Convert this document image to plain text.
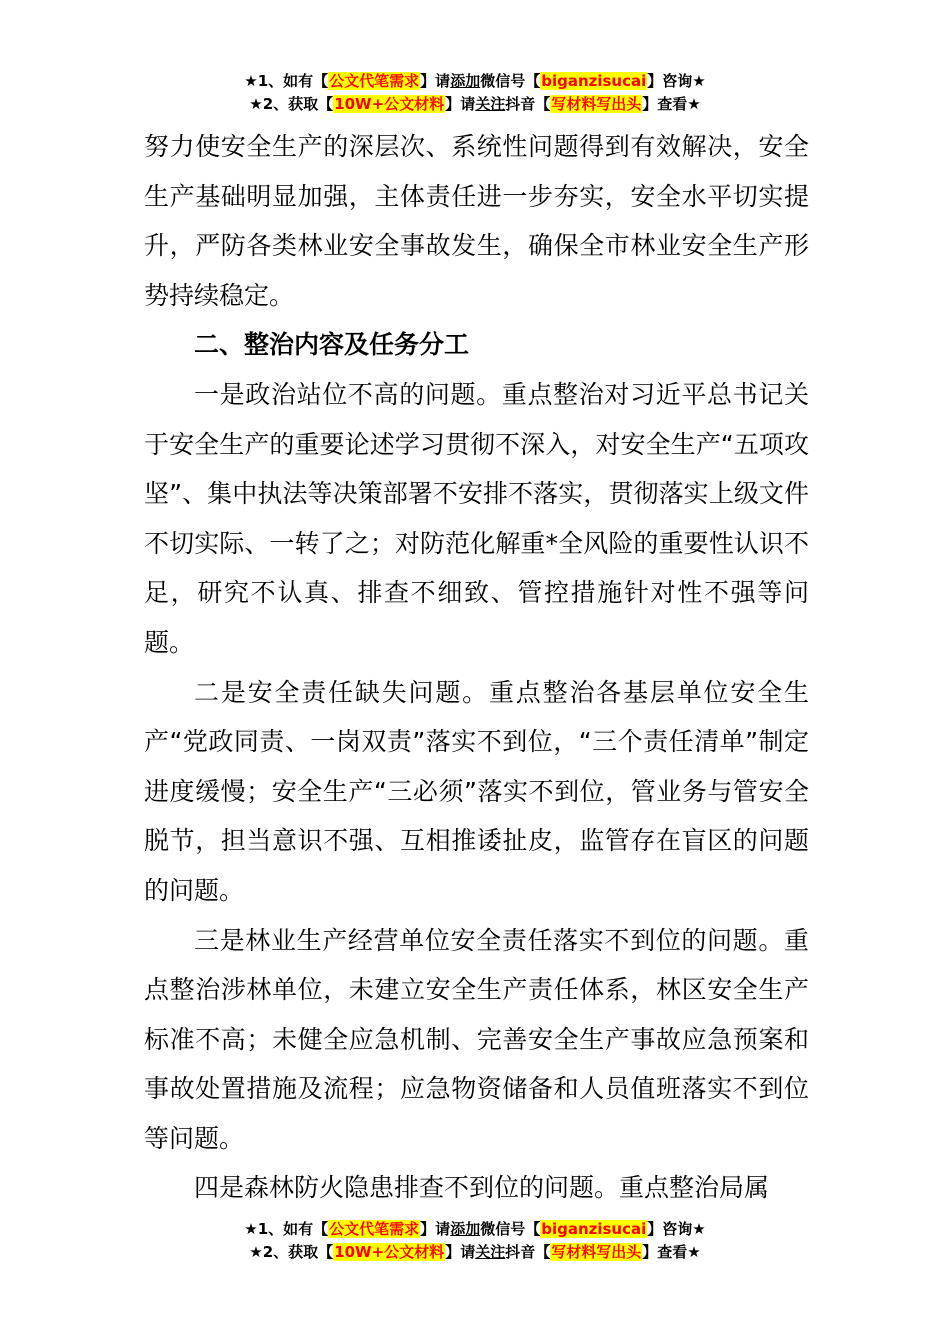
★1、如有【公文代笔需求】请添加微信号【biganzisucai】咨询★
★2、获取【10W+公文材料】请关注抖音【写材料写出头】查看★

努力使安全生产的深层次、系统性问题得到有效解决，安全生产基础明显加强，主体责任进一步夯实，安全水平切实提升，严防各类林业安全事故发生，确保全市林业安全生产形势持续稳定。

二、整治内容及任务分工

一是政治站位不高的问题。重点整治对习近平总书记关于安全生产的重要论述学习贯彻不深入，对安全生产“五项攻坚”、集中执法等决策部署不安排不落实，贯彻落实上级文件不切实际、一转了之；对防范化解重*全风险的重要性认识不足，研究不认真、排查不细致、管控措施针对性不强等问题。

二是安全责任缺失问题。重点整治各基层单位安全生产“党政同责、一岗双责”落实不到位，“三个责任清单”制定进度缓慢；安全生产“三必须”落实不到位，管业务与管安全脱节，担当意识不强、互相推诿扯皮，监管存在盲区的问题的问题。

三是林业生产经营单位安全责任落实不到位的问题。重点整治涉林单位，未建立安全生产责任体系，林区安全生产标准不高；未健全应急机制、完善安全生产事故应急预案和事故处置措施及流程；应急物资储备和人员值班落实不到位等问题。

四是森林防火隐患排查不到位的问题。重点整治局属

★1、如有【公文代笔需求】请添加微信号【biganzisucai】咨询★
★2、获取【10W+公文材料】请关注抖音【写材料写出头】查看★
